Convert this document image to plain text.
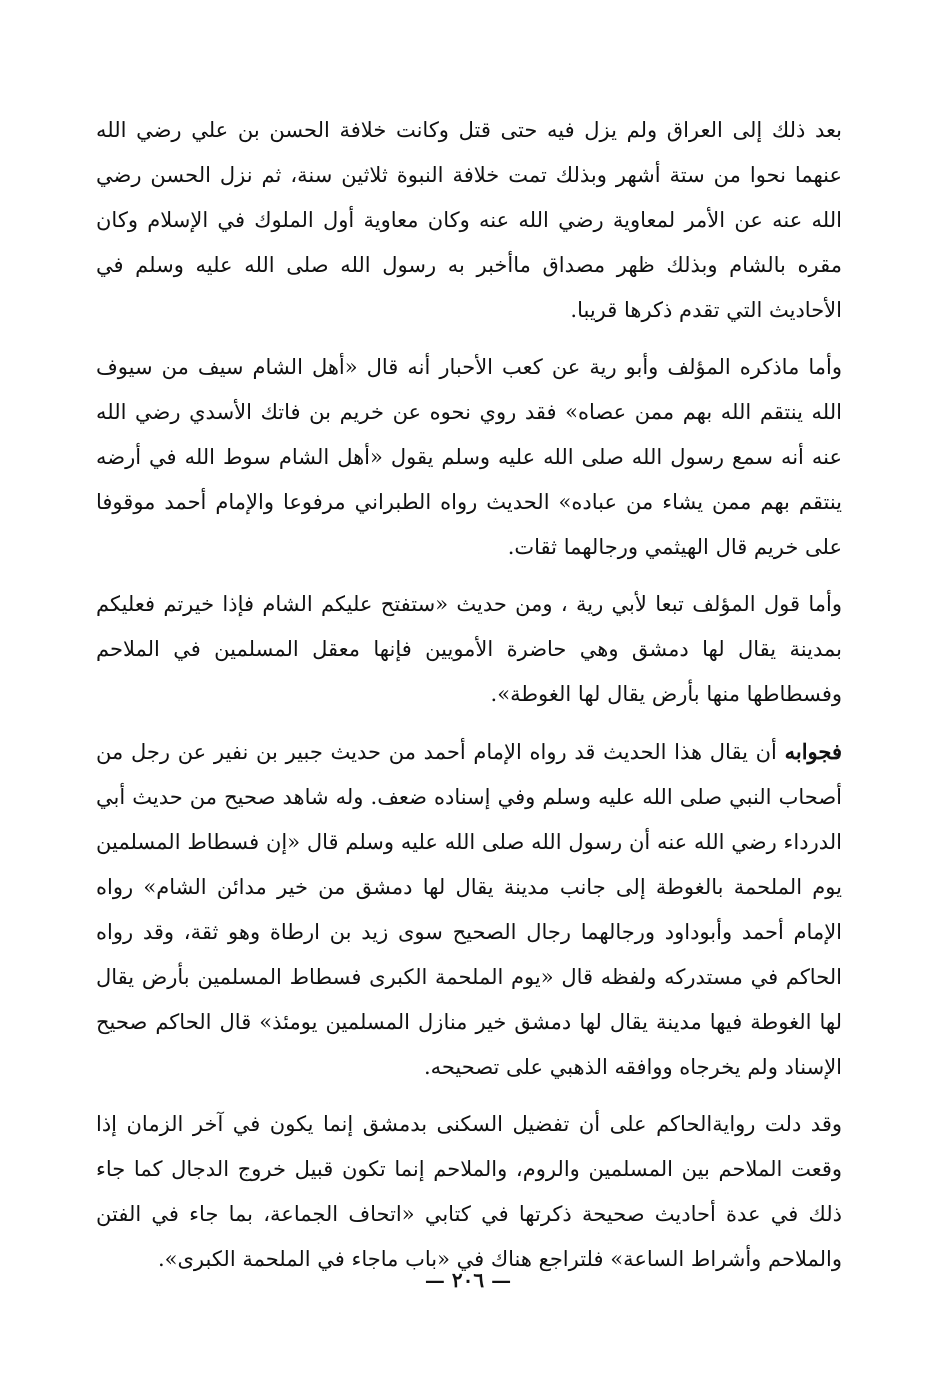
بعد ذلك إلى العراق ولم يزل فيه حتى قتل وكانت خلافة الحسن بن علي رضي الله عنهما نحوا من ستة أشهر وبذلك تمت خلافة النبوة ثلاثين سنة، ثم نزل الحسن رضي الله عنه عن الأمر لمعاوية رضي الله عنه وكان معاوية أول الملوك في الإسلام وكان مقره بالشام وبذلك ظهر مصداق ماأخبر به رسول الله صلى الله عليه وسلم في الأحاديث التي تقدم ذكرها قريبا.

وأما ماذكره المؤلف وأبو رية عن كعب الأحبار أنه قال «أهل الشام سيف من سيوف الله ينتقم الله بهم ممن عصاه» فقد روي نحوه عن خريم بن فاتك الأسدي رضي الله عنه أنه سمع رسول الله صلى الله عليه وسلم يقول «أهل الشام سوط الله في أرضه ينتقم بهم ممن يشاء من عباده» الحديث رواه الطبراني مرفوعا والإمام أحمد موقوفا على خريم قال الهيثمي ورجالهما ثقات.

وأما قول المؤلف تبعا لأبي رية ، ومن حديث «ستفتح عليكم الشام فإذا خيرتم فعليكم بمدينة يقال لها دمشق وهي حاضرة الأمويين فإنها معقل المسلمين في الملاحم وفسطاطها منها بأرض يقال لها الغوطة».

فجوابه أن يقال هذا الحديث قد رواه الإمام أحمد من حديث جبير بن نفير عن رجل من أصحاب النبي صلى الله عليه وسلم وفي إسناده ضعف. وله شاهد صحيح من حديث أبي الدرداء رضي الله عنه أن رسول الله صلى الله عليه وسلم قال «إن فسطاط المسلمين يوم الملحمة بالغوطة إلى جانب مدينة يقال لها دمشق من خير مدائن الشام» رواه الإمام أحمد وأبوداود ورجالهما رجال الصحيح سوى زيد بن ارطاة وهو ثقة، وقد رواه الحاكم في مستدركه ولفظه قال «يوم الملحمة الكبرى فسطاط المسلمين بأرض يقال لها الغوطة فيها مدينة يقال لها دمشق خير منازل المسلمين يومئذ» قال الحاكم صحيح الإسناد ولم يخرجاه ووافقه الذهبي على تصحيحه.

وقد دلت روايةالحاكم على أن تفضيل السكنى بدمشق إنما يكون في آخر الزمان إذا وقعت الملاحم بين المسلمين والروم، والملاحم إنما تكون قبيل خروج الدجال كما جاء ذلك في عدة أحاديث صحيحة ذكرتها في كتابي «اتحاف الجماعة، بما جاء في الفتن والملاحم وأشراط الساعة» فلتراجع هناك في «باب ماجاء في الملحمة الكبرى».

— ٢٠٦ —
